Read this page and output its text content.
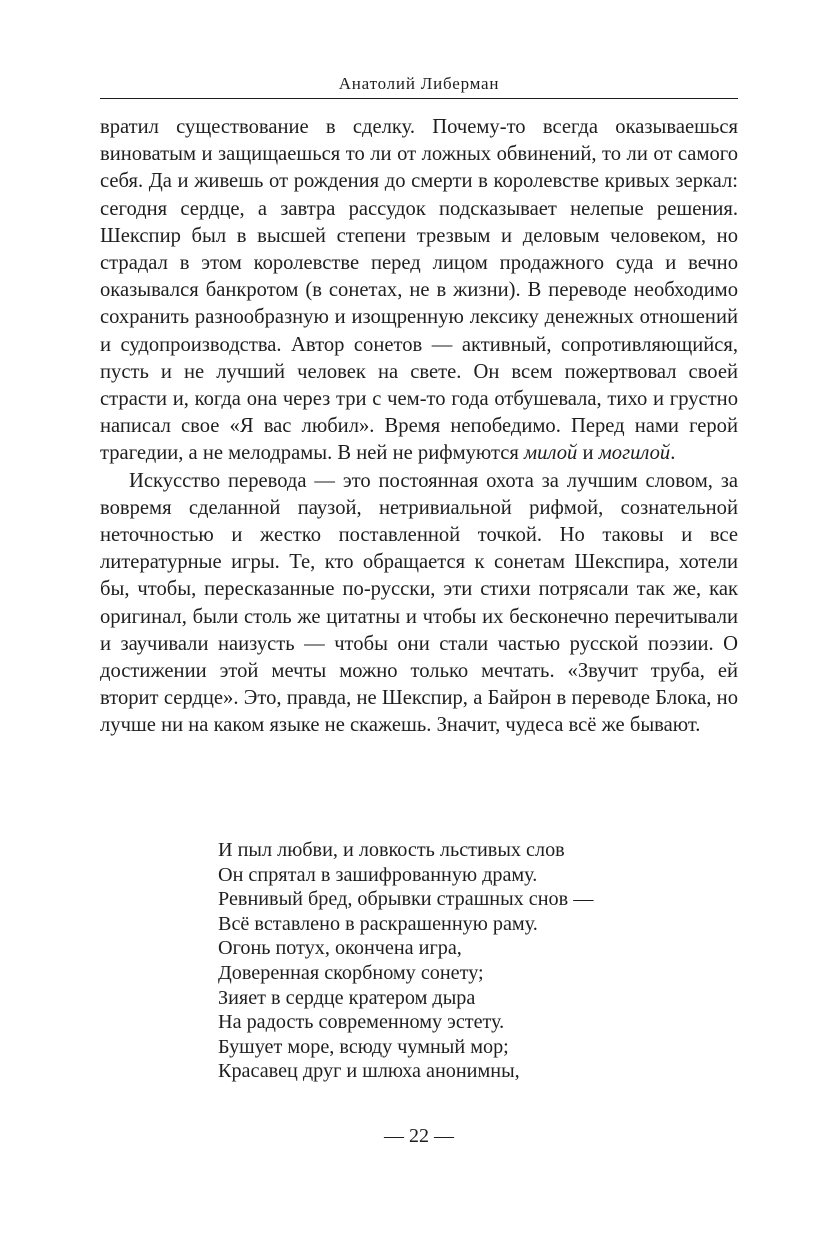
Анатолий Либерман

вратил существование в сделку. Почему-то всегда оказываешься виноватым и защищаешься то ли от ложных обвинений, то ли от самого себя. Да и живешь от рождения до смерти в королевстве кривых зеркал: сегодня сердце, а завтра рассудок подсказывает нелепые решения. Шекспир был в высшей степени трезвым и деловым человеком, но страдал в этом королевстве перед лицом продажного суда и вечно оказывался банкротом (в сонетах, не в жизни). В переводе необходимо сохранить разнообразную и изощренную лексику денежных отношений и судопроизводства. Автор сонетов — активный, сопротивляющийся, пусть и не лучший человек на свете. Он всем пожертвовал своей страсти и, когда она через три с чем-то года отбушевала, тихо и грустно написал свое «Я вас любил». Время непобедимо. Перед нами герой трагедии, а не мелодрамы. В ней не рифмуются милой и могилой.

Искусство перевода — это постоянная охота за лучшим словом, за вовремя сделанной паузой, нетривиальной рифмой, сознательной неточностью и жестко поставленной точкой. Но таковы и все литературные игры. Те, кто обращается к сонетам Шекспира, хотели бы, чтобы, пересказанные по-русски, эти стихи потрясали так же, как оригинал, были столь же цитатны и чтобы их бесконечно перечитывали и заучивали наизусть — чтобы они стали частью русской поэзии. О достижении этой мечты можно только мечтать. «Звучит труба, ей вторит сердце». Это, правда, не Шекспир, а Байрон в переводе Блока, но лучше ни на каком языке не скажешь. Значит, чудеса всё же бывают.

И пыл любви, и ловкость льстивых слов
Он спрятал в зашифрованную драму.
Ревнивый бред, обрывки страшных снов —
Всё вставлено в раскрашенную раму.
Огонь потух, окончена игра,
Доверенная скорбному сонету;
Зияет в сердце кратером дыра
На радость современному эстету.
Бушует море, всюду чумный мор;
Красавец друг и шлюха анонимны,
— 22 —
